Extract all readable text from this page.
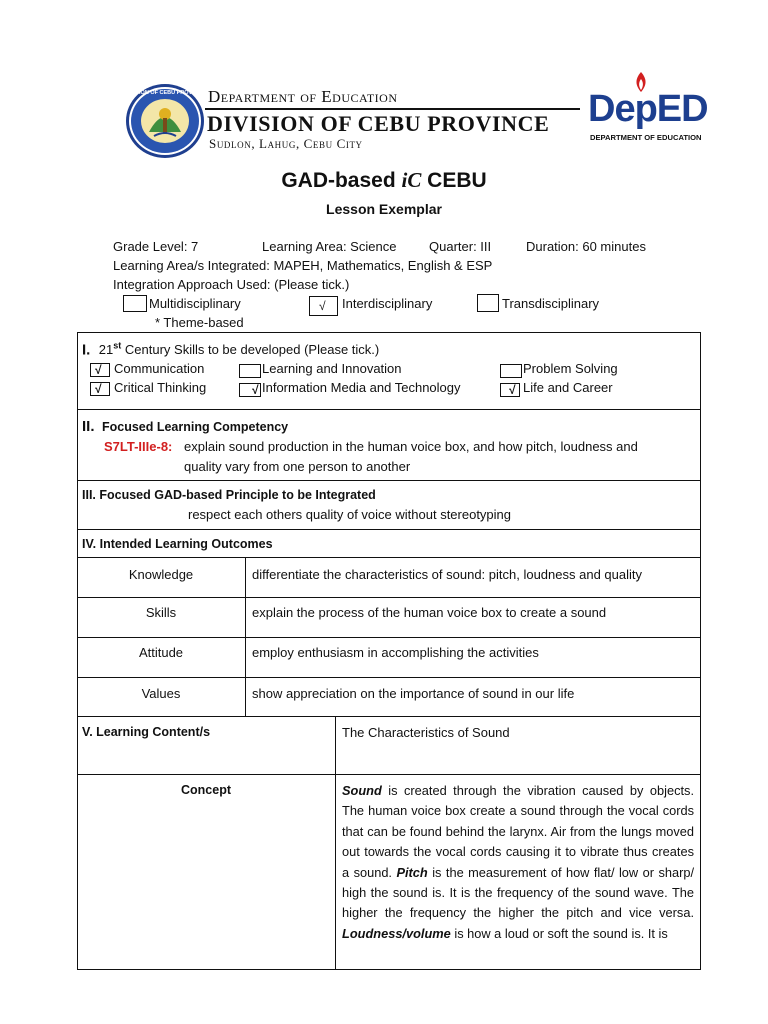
DIVISION OF CEBU PROVINCE Department of Education
DIVISION OF CEBU PROVINCE
Sudlon, Lahug, Cebu City
DepED
DEPARTMENT OF EDUCATION
GAD-based iC CEBU
Lesson Exemplar
Grade Level: 7	Learning Area: Science	Quarter: III	Duration: 60 minutes
Learning Area/s Integrated: MAPEH, Mathematics, English & ESP
Integration Approach Used: (Please tick.)
Multidisciplinary	√ Interdisciplinary	Transdisciplinary
* Theme-based
I. 21st Century Skills to be developed (Please tick.)
√ Communication	Learning and Innovation	Problem Solving
√ Critical Thinking	√ Information Media and Technology	√ Life and Career
II. Focused Learning Competency
S7LT-IIIe-8: explain sound production in the human voice box, and how pitch, loudness and
quality vary from one person to another
III. Focused GAD-based Principle to be Integrated
respect each others quality of voice without stereotyping
IV. Intended Learning Outcomes
Knowledge	differentiate the characteristics of sound: pitch, loudness and quality
Skills	explain the process of the human voice box to create a sound
Attitude	employ enthusiasm in accomplishing the activities
Values	show appreciation on the importance of sound in our life
V. Learning Content/s	The Characteristics of Sound
Concept	Sound is created through the vibration caused by objects. The human voice box create a sound through the vocal cords that can be found behind the larynx. Air from the lungs moved out towards the vocal cords causing it to vibrate thus creates a sound. Pitch is the measurement of how flat/ low or sharp/ high the sound is. It is the frequency of the sound wave. The higher the frequency the higher the pitch and vice versa. Loudness/volume is how a loud or soft the sound is. It is
